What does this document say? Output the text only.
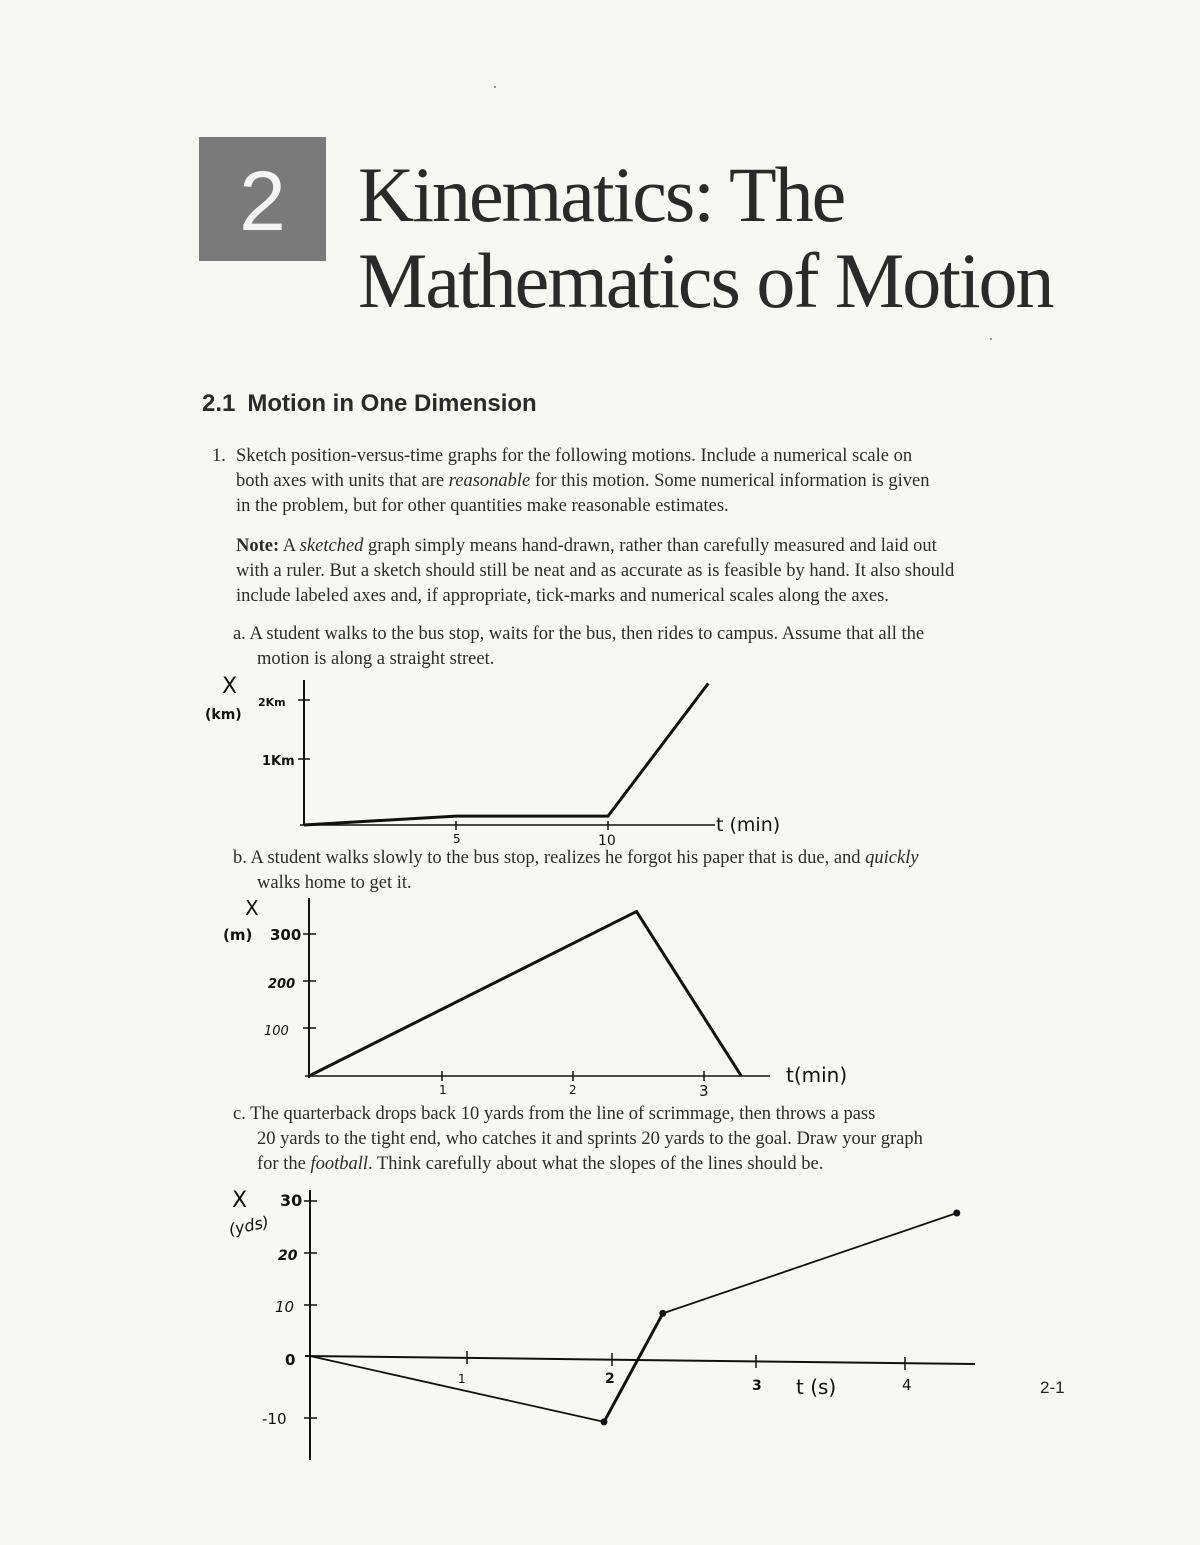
2 Kinematics: The
Mathematics of Motion
2.1 Motion in One Dimension
1. Sketch position-versus-time graphs for the following motions. Include a numerical scale on
both axes with units that are reasonable for this motion. Some numerical information is given
in the problem, but for other quantities make reasonable estimates.
Note: A sketched graph simply means hand-drawn, rather than carefully measured and laid out
with a ruler. But a sketch should still be neat and as accurate as is feasible by hand. It also should
include labeled axes and, if appropriate, tick-marks and numerical scales along the axes.
a. A student walks to the bus stop, waits for the bus, then rides to campus. Assume that all the
motion is along a straight street.
b. A student walks slowly to the bus stop, realizes he forgot his paper that is due, and quickly
walks home to get it.
c. The quarterback drops back 10 yards from the line of scrimmage, then throws a pass
20 yards to the tight end, who catches it and sprints 20 yards to the goal. Draw your graph
for the football. Think carefully about what the slopes of the lines should be.
X
(km)
2Km
1Km
5	10
t (min)
X
(m) 300
200
100
1	2	3
t(min)
X
(yds)
30
20
10
0
-10
1	2	3	4
t (s)	2-1
